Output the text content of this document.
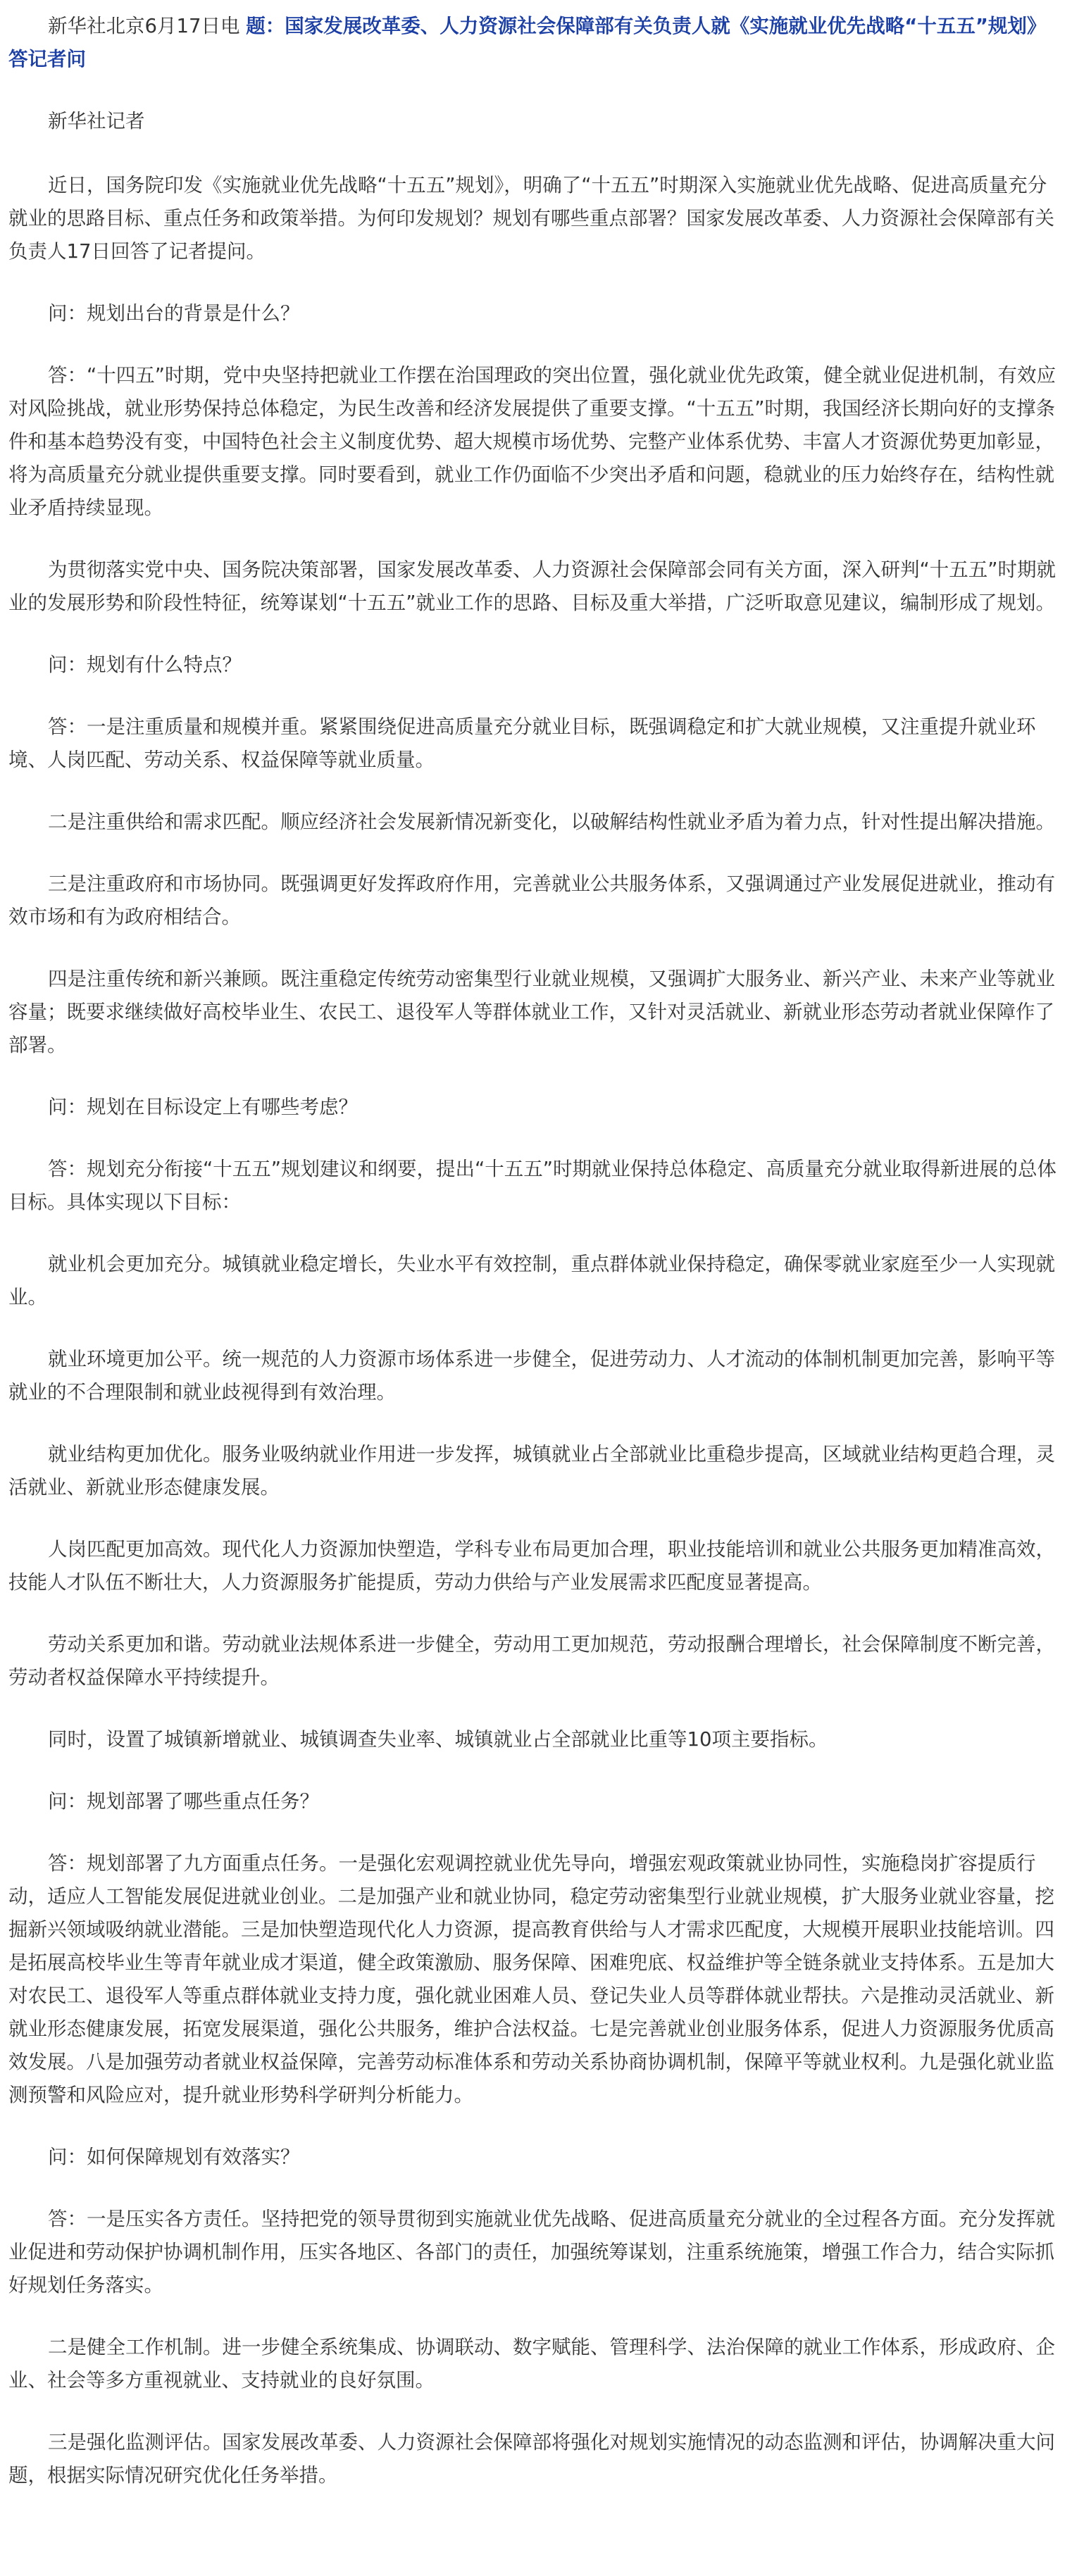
新华社北京6月17日电 题：国家发展改革委、人力资源社会保障部有关负责人就《实施就业优先战略“十五五”规划》答记者问

新华社记者

近日，国务院印发《实施就业优先战略“十五五”规划》，明确了“十五五”时期深入实施就业优先战略、促进高质量充分就业的思路目标、重点任务和政策举措。为何印发规划？规划有哪些重点部署？国家发展改革委、人力资源社会保障部有关负责人17日回答了记者提问。

问：规划出台的背景是什么？

答：“十四五”时期，党中央坚持把就业工作摆在治国理政的突出位置，强化就业优先政策，健全就业促进机制，有效应对风险挑战，就业形势保持总体稳定，为民生改善和经济发展提供了重要支撑。“十五五”时期，我国经济长期向好的支撑条件和基本趋势没有变，中国特色社会主义制度优势、超大规模市场优势、完整产业体系优势、丰富人才资源优势更加彰显，将为高质量充分就业提供重要支撑。同时要看到，就业工作仍面临不少突出矛盾和问题，稳就业的压力始终存在，结构性就业矛盾持续显现。

为贯彻落实党中央、国务院决策部署，国家发展改革委、人力资源社会保障部会同有关方面，深入研判“十五五”时期就业的发展形势和阶段性特征，统筹谋划“十五五”就业工作的思路、目标及重大举措，广泛听取意见建议，编制形成了规划。

问：规划有什么特点？

答：一是注重质量和规模并重。紧紧围绕促进高质量充分就业目标，既强调稳定和扩大就业规模，又注重提升就业环境、人岗匹配、劳动关系、权益保障等就业质量。

二是注重供给和需求匹配。顺应经济社会发展新情况新变化，以破解结构性就业矛盾为着力点，针对性提出解决措施。

三是注重政府和市场协同。既强调更好发挥政府作用，完善就业公共服务体系，又强调通过产业发展促进就业，推动有效市场和有为政府相结合。

四是注重传统和新兴兼顾。既注重稳定传统劳动密集型行业就业规模，又强调扩大服务业、新兴产业、未来产业等就业容量；既要求继续做好高校毕业生、农民工、退役军人等群体就业工作，又针对灵活就业、新就业形态劳动者就业保障作了部署。

问：规划在目标设定上有哪些考虑？

答：规划充分衔接“十五五”规划建议和纲要，提出“十五五”时期就业保持总体稳定、高质量充分就业取得新进展的总体目标。具体实现以下目标：

就业机会更加充分。城镇就业稳定增长，失业水平有效控制，重点群体就业保持稳定，确保零就业家庭至少一人实现就业。

就业环境更加公平。统一规范的人力资源市场体系进一步健全，促进劳动力、人才流动的体制机制更加完善，影响平等就业的不合理限制和就业歧视得到有效治理。

就业结构更加优化。服务业吸纳就业作用进一步发挥，城镇就业占全部就业比重稳步提高，区域就业结构更趋合理，灵活就业、新就业形态健康发展。

人岗匹配更加高效。现代化人力资源加快塑造，学科专业布局更加合理，职业技能培训和就业公共服务更加精准高效，技能人才队伍不断壮大，人力资源服务扩能提质，劳动力供给与产业发展需求匹配度显著提高。

劳动关系更加和谐。劳动就业法规体系进一步健全，劳动用工更加规范，劳动报酬合理增长，社会保障制度不断完善，劳动者权益保障水平持续提升。

同时，设置了城镇新增就业、城镇调查失业率、城镇就业占全部就业比重等10项主要指标。

问：规划部署了哪些重点任务？

答：规划部署了九方面重点任务。一是强化宏观调控就业优先导向，增强宏观政策就业协同性，实施稳岗扩容提质行动，适应人工智能发展促进就业创业。二是加强产业和就业协同，稳定劳动密集型行业就业规模，扩大服务业就业容量，挖掘新兴领域吸纳就业潜能。三是加快塑造现代化人力资源，提高教育供给与人才需求匹配度，大规模开展职业技能培训。四是拓展高校毕业生等青年就业成才渠道，健全政策激励、服务保障、困难兜底、权益维护等全链条就业支持体系。五是加大对农民工、退役军人等重点群体就业支持力度，强化就业困难人员、登记失业人员等群体就业帮扶。六是推动灵活就业、新就业形态健康发展，拓宽发展渠道，强化公共服务，维护合法权益。七是完善就业创业服务体系，促进人力资源服务优质高效发展。八是加强劳动者就业权益保障，完善劳动标准体系和劳动关系协商协调机制，保障平等就业权利。九是强化就业监测预警和风险应对，提升就业形势科学研判分析能力。

问：如何保障规划有效落实？

答：一是压实各方责任。坚持把党的领导贯彻到实施就业优先战略、促进高质量充分就业的全过程各方面。充分发挥就业促进和劳动保护协调机制作用，压实各地区、各部门的责任，加强统筹谋划，注重系统施策，增强工作合力，结合实际抓好规划任务落实。

二是健全工作机制。进一步健全系统集成、协调联动、数字赋能、管理科学、法治保障的就业工作体系，形成政府、企业、社会等多方重视就业、支持就业的良好氛围。

三是强化监测评估。国家发展改革委、人力资源社会保障部将强化对规划实施情况的动态监测和评估，协调解决重大问题，根据实际情况研究优化任务举措。
